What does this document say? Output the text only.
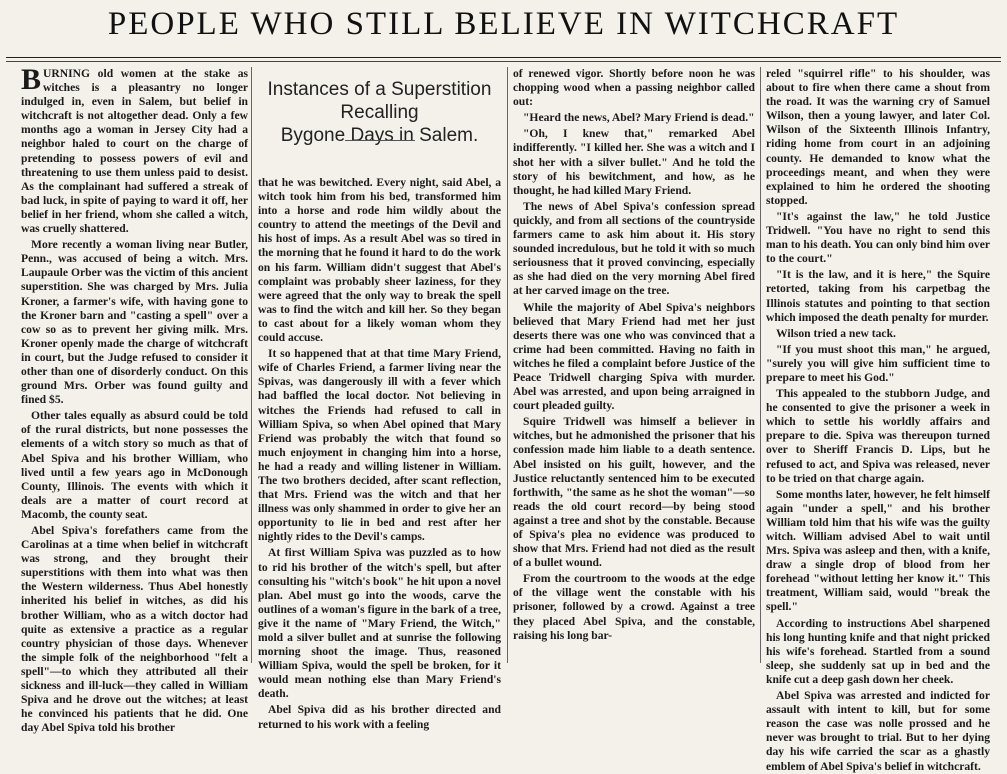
PEOPLE WHO STILL BELIEVE IN WITCHCRAFT
Instances of a Superstition Recalling
Bygone Days in Salem.

BURNING old women at the stake as witches is a pleasantry no longer indulged in, even in Salem, but belief in witchcraft is not altogether dead. Only a few months ago a woman in Jersey City had a neighbor haled to court on the charge of pretending to possess powers of evil and threatening to use them unless paid to desist. As the complainant had suffered a streak of bad luck, in spite of paying to ward it off, her belief in her friend, whom she called a witch, was cruelly shattered.

More recently a woman living near Butler, Penn., was accused of being a witch. Mrs. Laupaule Orber was the victim of this ancient superstition. She was charged by Mrs. Julia Kroner, a farmer's wife, with having gone to the Kroner barn and "casting a spell" over a cow so as to prevent her giving milk. Mrs. Kroner openly made the charge of witchcraft in court, but the Judge refused to consider it other than one of disorderly conduct. On this ground Mrs. Orber was found guilty and fined $5.

Other tales equally as absurd could be told of the rural districts, but none possesses the elements of a witch story so much as that of Abel Spiva and his brother William, who lived until a few years ago in McDonough County, Illinois. The events with which it deals are a matter of court record at Macomb, the county seat.

Abel Spiva's forefathers came from the Carolinas at a time when belief in witchcraft was strong, and they brought their superstitions with them into what was then the Western wilderness. Thus Abel honestly inherited his belief in witches, as did his brother William, who as a witch doctor had quite as extensive a practice as a regular country physician of those days. Whenever the simple folk of the neighborhood "felt a spell"—to which they attributed all their sickness and ill-luck—they called in William Spiva and he drove out the witches; at least he convinced his patients that he did. One day Abel Spiva told his brother

that he was bewitched. Every night, said Abel, a witch took him from his bed, transformed him into a horse and rode him wildly about the country to attend the meetings of the Devil and his host of imps. As a result Abel was so tired in the morning that he found it hard to do the work on his farm. William didn't suggest that Abel's complaint was probably sheer laziness, for they were agreed that the only way to break the spell was to find the witch and kill her. So they began to cast about for a likely woman whom they could accuse.

It so happened that at that time Mary Friend, wife of Charles Friend, a farmer living near the Spivas, was dangerously ill with a fever which had baffled the local doctor. Not believing in witches the Friends had refused to call in William Spiva, so when Abel opined that Mary Friend was probably the witch that found so much enjoyment in changing him into a horse, he had a ready and willing listener in William. The two brothers decided, after scant reflection, that Mrs. Friend was the witch and that her illness was only shammed in order to give her an opportunity to lie in bed and rest after her nightly rides to the Devil's camps.

At first William Spiva was puzzled as to how to rid his brother of the witch's spell, but after consulting his "witch's book" he hit upon a novel plan. Abel must go into the woods, carve the outlines of a woman's figure in the bark of a tree, give it the name of "Mary Friend, the Witch," mold a silver bullet and at sunrise the following morning shoot the image. Thus, reasoned William Spiva, would the spell be broken, for it would mean nothing else than Mary Friend's death.

Abel Spiva did as his brother directed and returned to his work with a feeling

of renewed vigor. Shortly before noon he was chopping wood when a passing neighbor called out:

"Heard the news, Abel? Mary Friend is dead."

"Oh, I knew that," remarked Abel indifferently. "I killed her. She was a witch and I shot her with a silver bullet." And he told the story of his bewitchment, and how, as he thought, he had killed Mary Friend.

The news of Abel Spiva's confession spread quickly, and from all sections of the countryside farmers came to ask him about it. His story sounded incredulous, but he told it with so much seriousness that it proved convincing, especially as she had died on the very morning Abel fired at her carved image on the tree.

While the majority of Abel Spiva's neighbors believed that Mary Friend had met her just deserts there was one who was convinced that a crime had been committed. Having no faith in witches he filed a complaint before Justice of the Peace Tridwell charging Spiva with murder. Abel was arrested, and upon being arraigned in court pleaded guilty.

Squire Tridwell was himself a believer in witches, but he admonished the prisoner that his confession made him liable to a death sentence. Abel insisted on his guilt, however, and the Justice reluctantly sentenced him to be executed forthwith, "the same as he shot the woman"—so reads the old court record—by being stood against a tree and shot by the constable. Because of Spiva's plea no evidence was produced to show that Mrs. Friend had not died as the result of a bullet wound.

From the courtroom to the woods at the edge of the village went the constable with his prisoner, followed by a crowd. Against a tree they placed Abel Spiva, and the constable, raising his long bar-

reled "squirrel rifle" to his shoulder, was about to fire when there came a shout from the road. It was the warning cry of Samuel Wilson, then a young lawyer, and later Col. Wilson of the Sixteenth Illinois Infantry, riding home from court in an adjoining county. He demanded to know what the proceedings meant, and when they were explained to him he ordered the shooting stopped.

"It's against the law," he told Justice Tridwell. "You have no right to send this man to his death. You can only bind him over to the court."

"It is the law, and it is here," the Squire retorted, taking from his carpetbag the Illinois statutes and pointing to that section which imposed the death penalty for murder.

Wilson tried a new tack.

"If you must shoot this man," he argued, "surely you will give him sufficient time to prepare to meet his God."

This appealed to the stubborn Judge, and he consented to give the prisoner a week in which to settle his worldly affairs and prepare to die. Spiva was thereupon turned over to Sheriff Francis D. Lips, but he refused to act, and Spiva was released, never to be tried on that charge again.

Some months later, however, he felt himself again "under a spell," and his brother William told him that his wife was the guilty witch. William advised Abel to wait until Mrs. Spiva was asleep and then, with a knife, draw a single drop of blood from her forehead "without letting her know it." This treatment, William said, would "break the spell."

According to instructions Abel sharpened his long hunting knife and that night pricked his wife's forehead. Startled from a sound sleep, she suddenly sat up in bed and the knife cut a deep gash down her cheek.

Abel Spiva was arrested and indicted for assault with intent to kill, but for some reason the case was nolle prossed and he never was brought to trial. But to her dying day his wife carried the scar as a ghastly emblem of Abel Spiva's belief in witchcraft.
